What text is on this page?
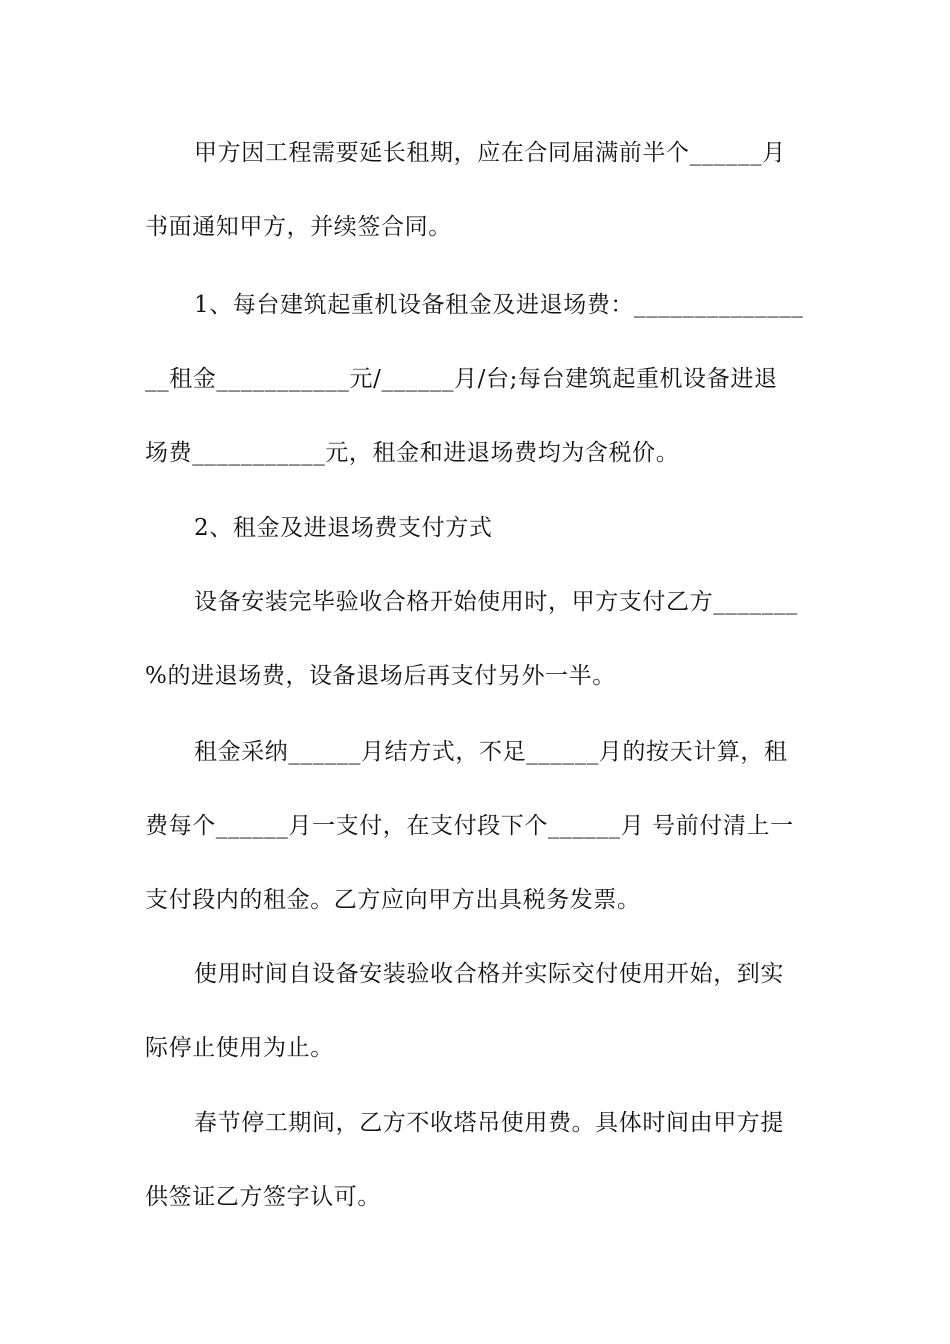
甲方因工程需要延长租期，应在合同届满前半个______月
书面通知甲方，并续签合同。
1、每台建筑起重机设备租金及进退场费：______________
__租金___________元/______月/台;每台建筑起重机设备进退
场费___________元，租金和进退场费均为含税价。
2、租金及进退场费支付方式
设备安装完毕验收合格开始使用时，甲方支付乙方_______
%的进退场费，设备退场后再支付另外一半。
租金采纳______月结方式，不足______月的按天计算，租
费每个______月一支付，在支付段下个______月 号前付清上一
支付段内的租金。乙方应向甲方出具税务发票。
使用时间自设备安装验收合格并实际交付使用开始，到实
际停止使用为止。
春节停工期间，乙方不收塔吊使用费。具体时间由甲方提
供签证乙方签字认可。
